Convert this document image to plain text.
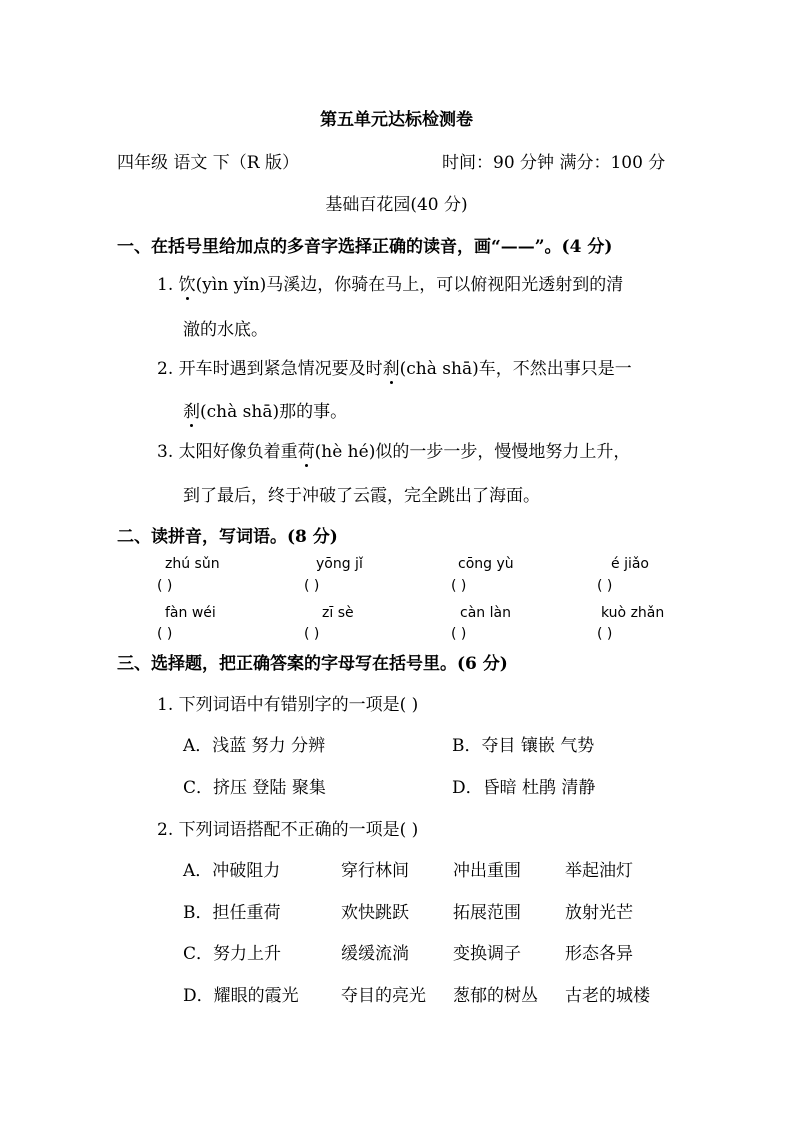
第五单元达标检测卷
四年级 语文 下（R 版）	时间：90 分钟 满分：100 分
基础百花园(40 分)
一、在括号里给加点的多音字选择正确的读音，画“——”。(4 分)
1. 饮(yìn yǐn)马溪边，你骑在马上，可以俯视阳光透射到的清
澈的水底。
2. 开车时遇到紧急情况要及时刹(chà shā)车，不然出事只是一
刹(chà shā)那的事。
3. 太阳好像负着重荷(hè hé)似的一步一步，慢慢地努力上升，
到了最后，终于冲破了云霞，完全跳出了海面。
二、读拼音，写词语。(8 分)
zhú sǔn	yōng jǐ	cōng yù	é jiǎo
( )	( )	( )	( )
fàn wéi	zī sè	càn làn	kuò zhǎn
( )	( )	( )	( )
三、选择题，把正确答案的字母写在括号里。(6 分)
1. 下列词语中有错别字的一项是( )
A．浅蓝 努力 分辨	B．夺目 镶嵌 气势
C．挤压 登陆 聚集	D．昏暗 杜鹃 清静
2. 下列词语搭配不正确的一项是( )
A．冲破阻力	穿行林间	冲出重围	举起油灯
B．担任重荷	欢快跳跃	拓展范围	放射光芒
C．努力上升	缓缓流淌	变换调子	形态各异
D．耀眼的霞光 夺目的亮光 葱郁的树丛 古老的城楼
